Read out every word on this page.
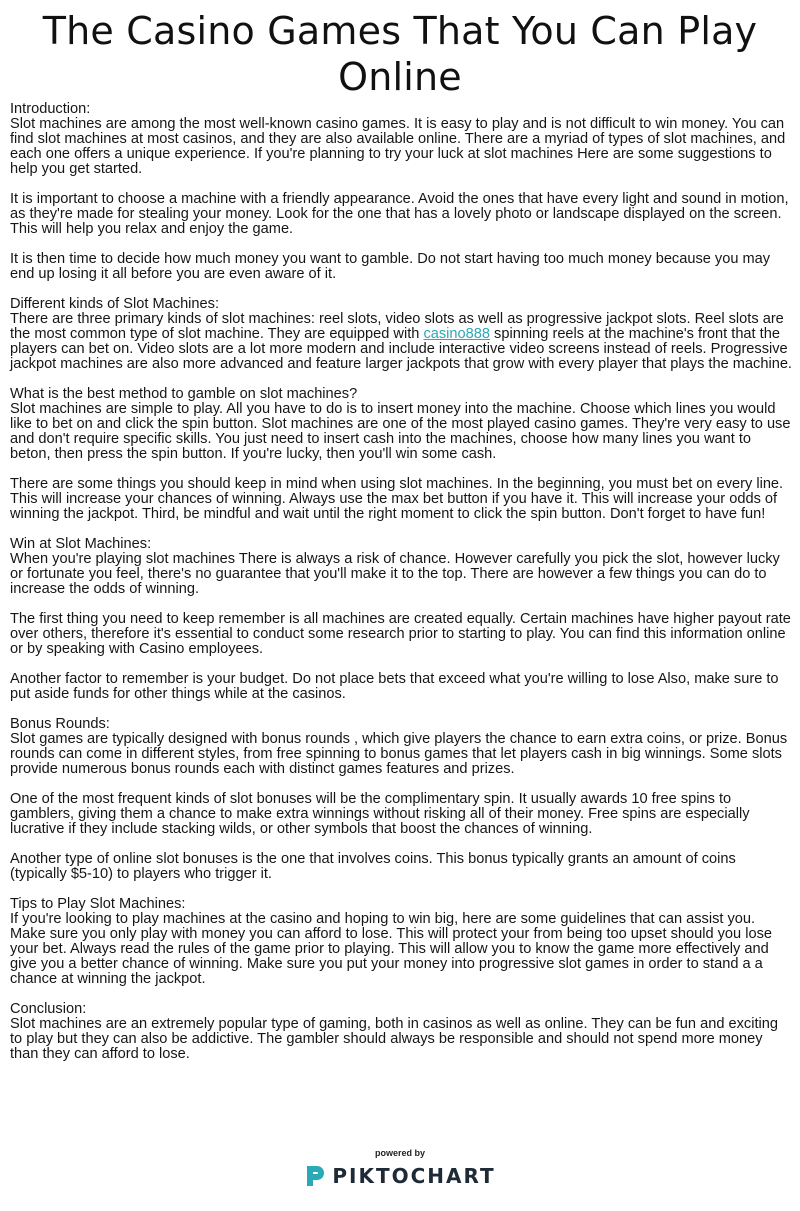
The Casino Games That You Can Play Online

Introduction:
Slot machines are among the most well-known casino games. It is easy to play and is not difficult to win money. You can find slot machines at most casinos, and they are also available online. There are a myriad of types of slot machines, and each one offers a unique experience. If you're planning to try your luck at slot machines Here are some suggestions to help you get started.

It is important to choose a machine with a friendly appearance. Avoid the ones that have every light and sound in motion, as they're made for stealing your money. Look for the one that has a lovely photo or landscape displayed on the screen. This will help you relax and enjoy the game.

It is then time to decide how much money you want to gamble. Do not start having too much money because you may end up losing it all before you are even aware of it.

Different kinds of Slot Machines:
There are three primary kinds of slot machines: reel slots, video slots as well as progressive jackpot slots. Reel slots are the most common type of slot machine. They are equipped with casino888 spinning reels at the machine's front that the players can bet on. Video slots are a lot more modern and include interactive video screens instead of reels. Progressive jackpot machines are also more advanced and feature larger jackpots that grow with every player that plays the machine.

What is the best method to gamble on slot machines?
Slot machines are simple to play. All you have to do is to insert money into the machine. Choose which lines you would like to bet on and click the spin button. Slot machines are one of the most played casino games. They're very easy to use and don't require specific skills. You just need to insert cash into the machines, choose how many lines you want to beton, then press the spin button. If you're lucky, then you'll win some cash.

There are some things you should keep in mind when using slot machines. In the beginning, you must bet on every line. This will increase your chances of winning. Always use the max bet button if you have it. This will increase your odds of winning the jackpot. Third, be mindful and wait until the right moment to click the spin button. Don't forget to have fun!

Win at Slot Machines:
When you're playing slot machines There is always a risk of chance. However carefully you pick the slot, however lucky or fortunate you feel, there's no guarantee that you'll make it to the top. There are however a few things you can do to increase the odds of winning.

The first thing you need to keep remember is all machines are created equally. Certain machines have higher payout rate over others, therefore it's essential to conduct some research prior to starting to play. You can find this information online or by speaking with Casino employees.

Another factor to remember is your budget. Do not place bets that exceed what you're willing to lose Also, make sure to put aside funds for other things while at the casinos.

Bonus Rounds:
Slot games are typically designed with bonus rounds , which give players the chance to earn extra coins, or prize. Bonus rounds can come in different styles, from free spinning to bonus games that let players cash in big winnings. Some slots provide numerous bonus rounds each with distinct games features and prizes.

One of the most frequent kinds of slot bonuses will be the complimentary spin. It usually awards 10 free spins to gamblers, giving them a chance to make extra winnings without risking all of their money. Free spins are especially lucrative if they include stacking wilds, or other symbols that boost the chances of winning.

Another type of online slot bonuses is the one that involves coins. This bonus typically grants an amount of coins (typically $5-10) to players who trigger it.

Tips to Play Slot Machines:
If you're looking to play machines at the casino and hoping to win big, here are some guidelines that can assist you. Make sure you only play with money you can afford to lose. This will protect your from being too upset should you lose your bet. Always read the rules of the game prior to playing. This will allow you to know the game more effectively and give you a better chance of winning. Make sure you put your money into progressive slot games in order to stand a a chance at winning the jackpot.

Conclusion:
Slot machines are an extremely popular type of gaming, both in casinos as well as online. They can be fun and exciting to play but they can also be addictive. The gambler should always be responsible and should not spend more money than they can afford to lose.

powered by
PIKTOCHART
